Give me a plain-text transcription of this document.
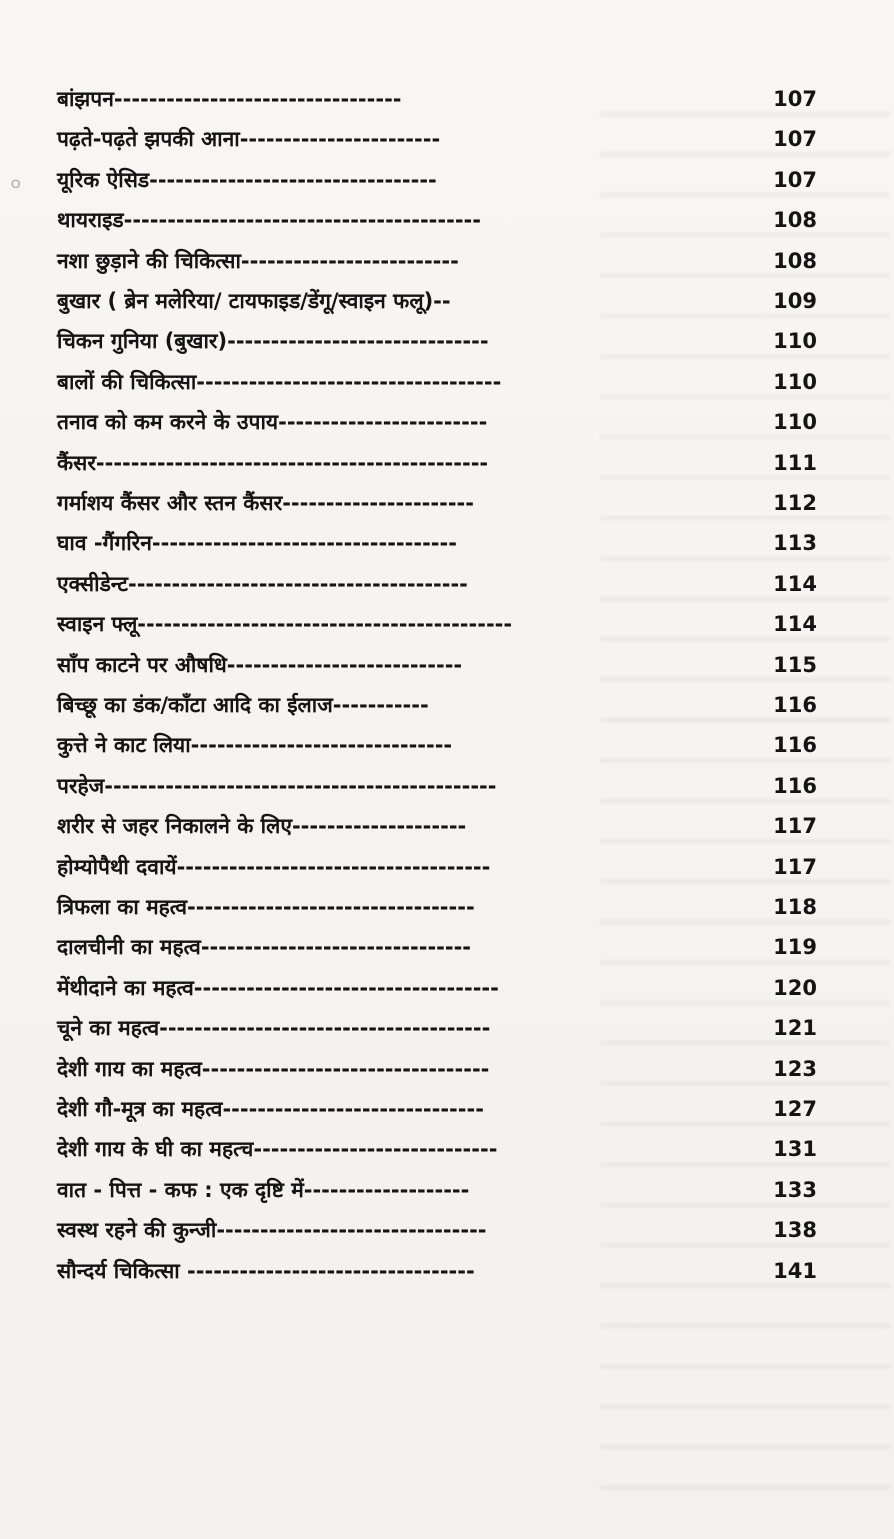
०
बांझपन---------------------------------	107
पढ़ते-पढ़ते झपकी आना-----------------------	107
यूरिक ऐसिड---------------------------------	107
थायराइड-----------------------------------------	108
नशा छुड़ाने की चिकित्सा-------------------------	108
बुखार ( ब्रेन मलेरिया/ टायफाइड/डेंगू/स्वाइन फलू)--	109
चिकन गुनिया (बुखार)------------------------------	110
बालों की चिकित्सा-----------------------------------	110
तनाव को कम करने के उपाय------------------------	110
कैंसर---------------------------------------------	111
गर्माशय कैंसर और स्तन कैंसर----------------------	112
घाव -गैंगरिन-----------------------------------	113
एक्सीडेन्ट---------------------------------------	114
स्वाइन फ्लू-------------------------------------------	114
साँप काटने पर औषधि---------------------------	115
बिच्छू का डंक/काँटा आदि का ईलाज-----------	116
कुत्ते ने काट लिया------------------------------	116
परहेज---------------------------------------------	116
शरीर से जहर निकालने के लिए--------------------	117
होम्योपैथी दवायें------------------------------------	117
त्रिफला का महत्व---------------------------------	118
दालचीनी का महत्व-------------------------------	119
मेंथीदाने का महत्व-----------------------------------	120
चूने का महत्व--------------------------------------	121
देशी गाय का महत्व---------------------------------	123
देशी गौ-मूत्र का महत्व------------------------------	127
देशी गाय के घी का महत्च----------------------------	131
वात - पित्त - कफ : एक दृष्टि में-------------------	133
स्वस्थ रहने की कुन्जी-------------------------------	138
सौन्दर्य चिकित्सा ---------------------------------	141
